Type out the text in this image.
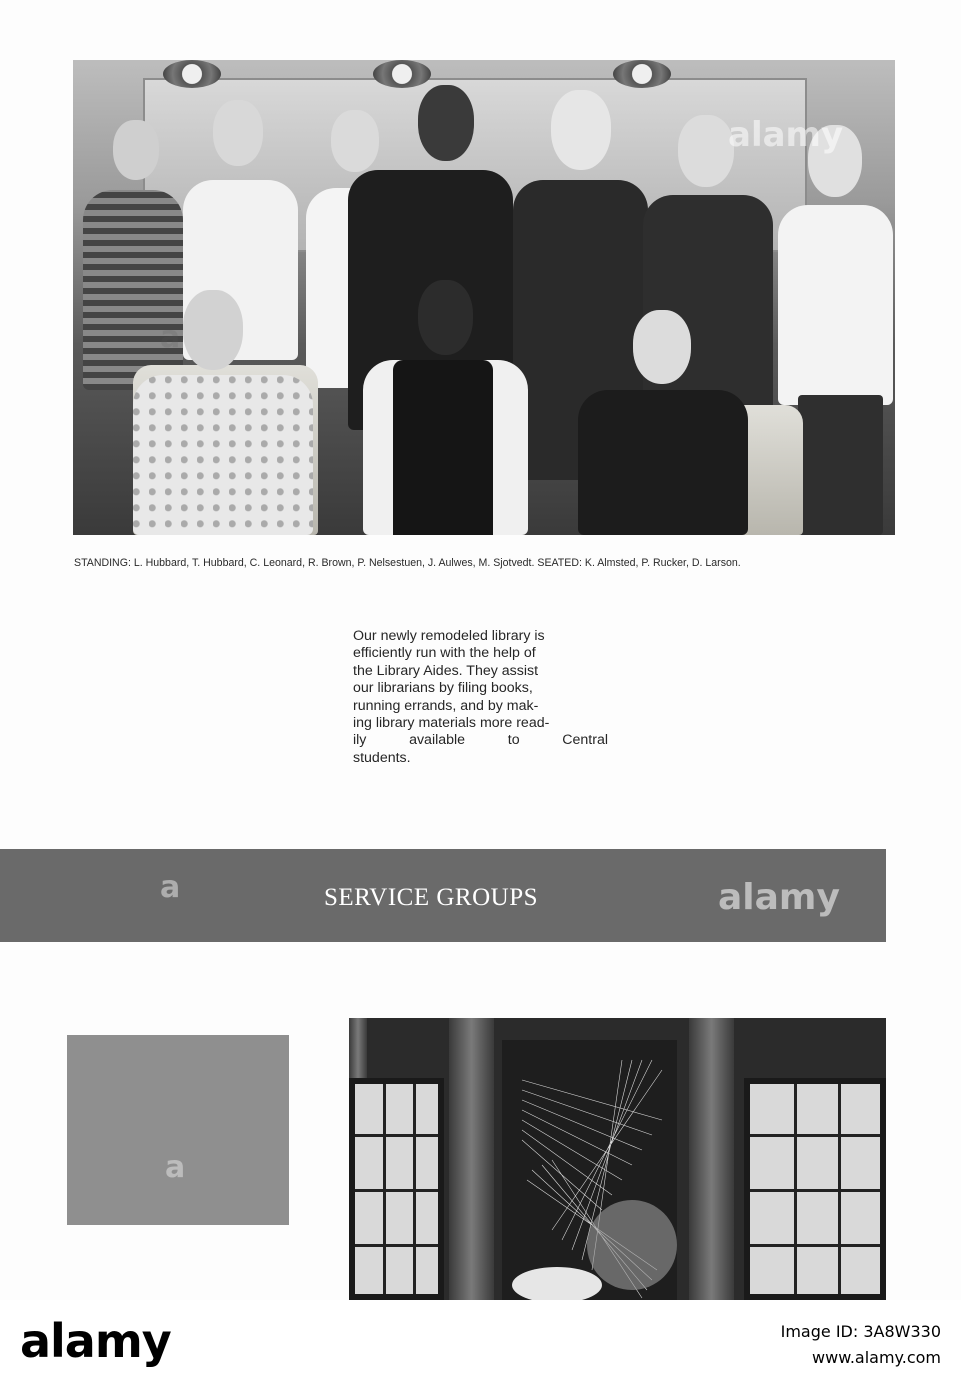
alamy
STANDING: L. Hubbard, T. Hubbard, C. Leonard, R. Brown, P. Nelsestuen, J. Aulwes, M. Sjotvedt. SEATED: K. Almsted, P. Rucker, D. Larson.
Our newly remodeled library is
efficiently run with the help of
the Library Aides. They assist
our librarians by filing books,
running errands, and by mak-
ing library materials more read-
ily available to Central
students.
SERVICE GROUPS	alamy
a
a
a
alamy	Image ID: 3A8W330
www.alamy.com
